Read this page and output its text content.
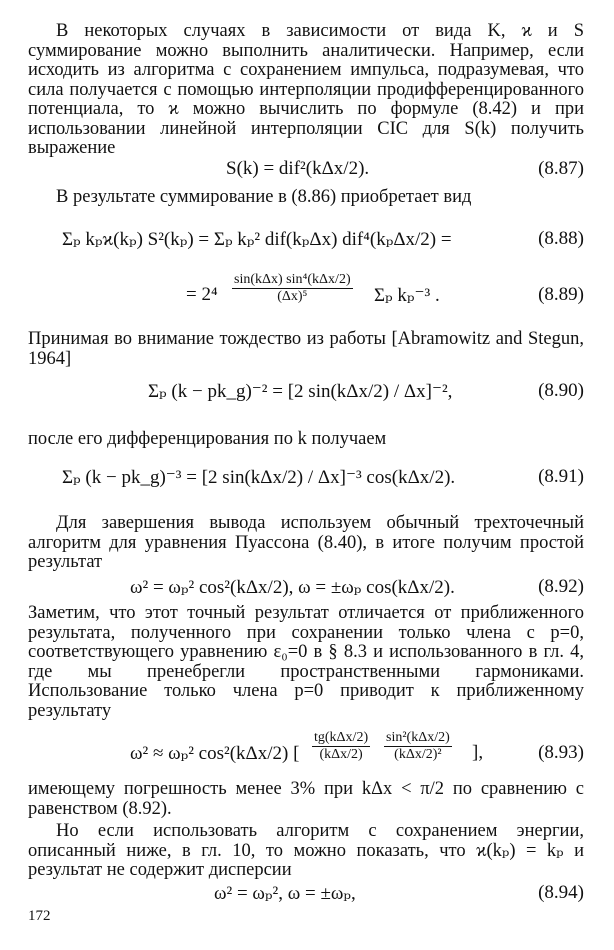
В некоторых случаях в зависимости от вида K, ϰ и S суммирование можно выполнить аналитически. Например, если исходить из алгоритма с сохранением импульса, подразумевая, что сила получается с помощью интерполяции продифференцированного потенциала, то ϰ можно вычислить по формуле (8.42) и при использовании линейной интерполяции CIC для S(k) получить выражение
S(k) = dif²(kΔx/2).	(8.87)
В результате суммирование в (8.86) приобретает вид
Σₚ kₚϰ(kₚ) S²(kₚ) = Σₚ kₚ² dif(kₚΔx) dif⁴(kₚΔx/2) =	(8.88)
= $2^4 \frac{\text{sin(kΔx) sin⁴(kΔx/2)}}{\text{(Δx)⁵}}$ Σₚ kₚ⁻³ .	(8.89)
Принимая во внимание тождество из работы [Abramowitz and Stegun, 1964]
Σₚ (k − pk_g)⁻² = [2 sin(kΔx/2) / Δx]⁻²,	(8.90)
после его дифференцирования по k получаем
Σₚ (k − pk_g)⁻³ = [2 sin(kΔx/2) / Δx]⁻³ cos(kΔx/2).	(8.91)
Для завершения вывода используем обычный трехточечный алгоритм для уравнения Пуассона (8.40), в итоге получим простой результат
ω² = ωₚ² cos²(kΔx/2), ω = ±ωₚ cos(kΔx/2).	(8.92)
Заметим, что этот точный результат отличается от приближенного результата, полученного при сохранении только члена с p=0, соответствующего уравнению ε₀=0 в § 8.3 и использованного в гл. 4, где мы пренебрегли пространственными гармониками. Использование только члена p=0 приводит к приближенному результату
ω² ≈ ωₚ² cos²(kΔx/2) [ $\frac{\text{tg(kΔx/2)}}{\text{(kΔx/2)}} \frac{\text{sin²(kΔx/2)}}{\text{(kΔx/2)²}}$ ],	(8.93)
имеющему погрешность менее 3% при kΔx < π/2 по сравнению с равенством (8.92).
Но если использовать алгоритм с сохранением энергии, описанный ниже, в гл. 10, то можно показать, что ϰ(kₚ) = kₚ и результат не содержит дисперсии
ω² = ωₚ², ω = ±ωₚ,	(8.94)
172
